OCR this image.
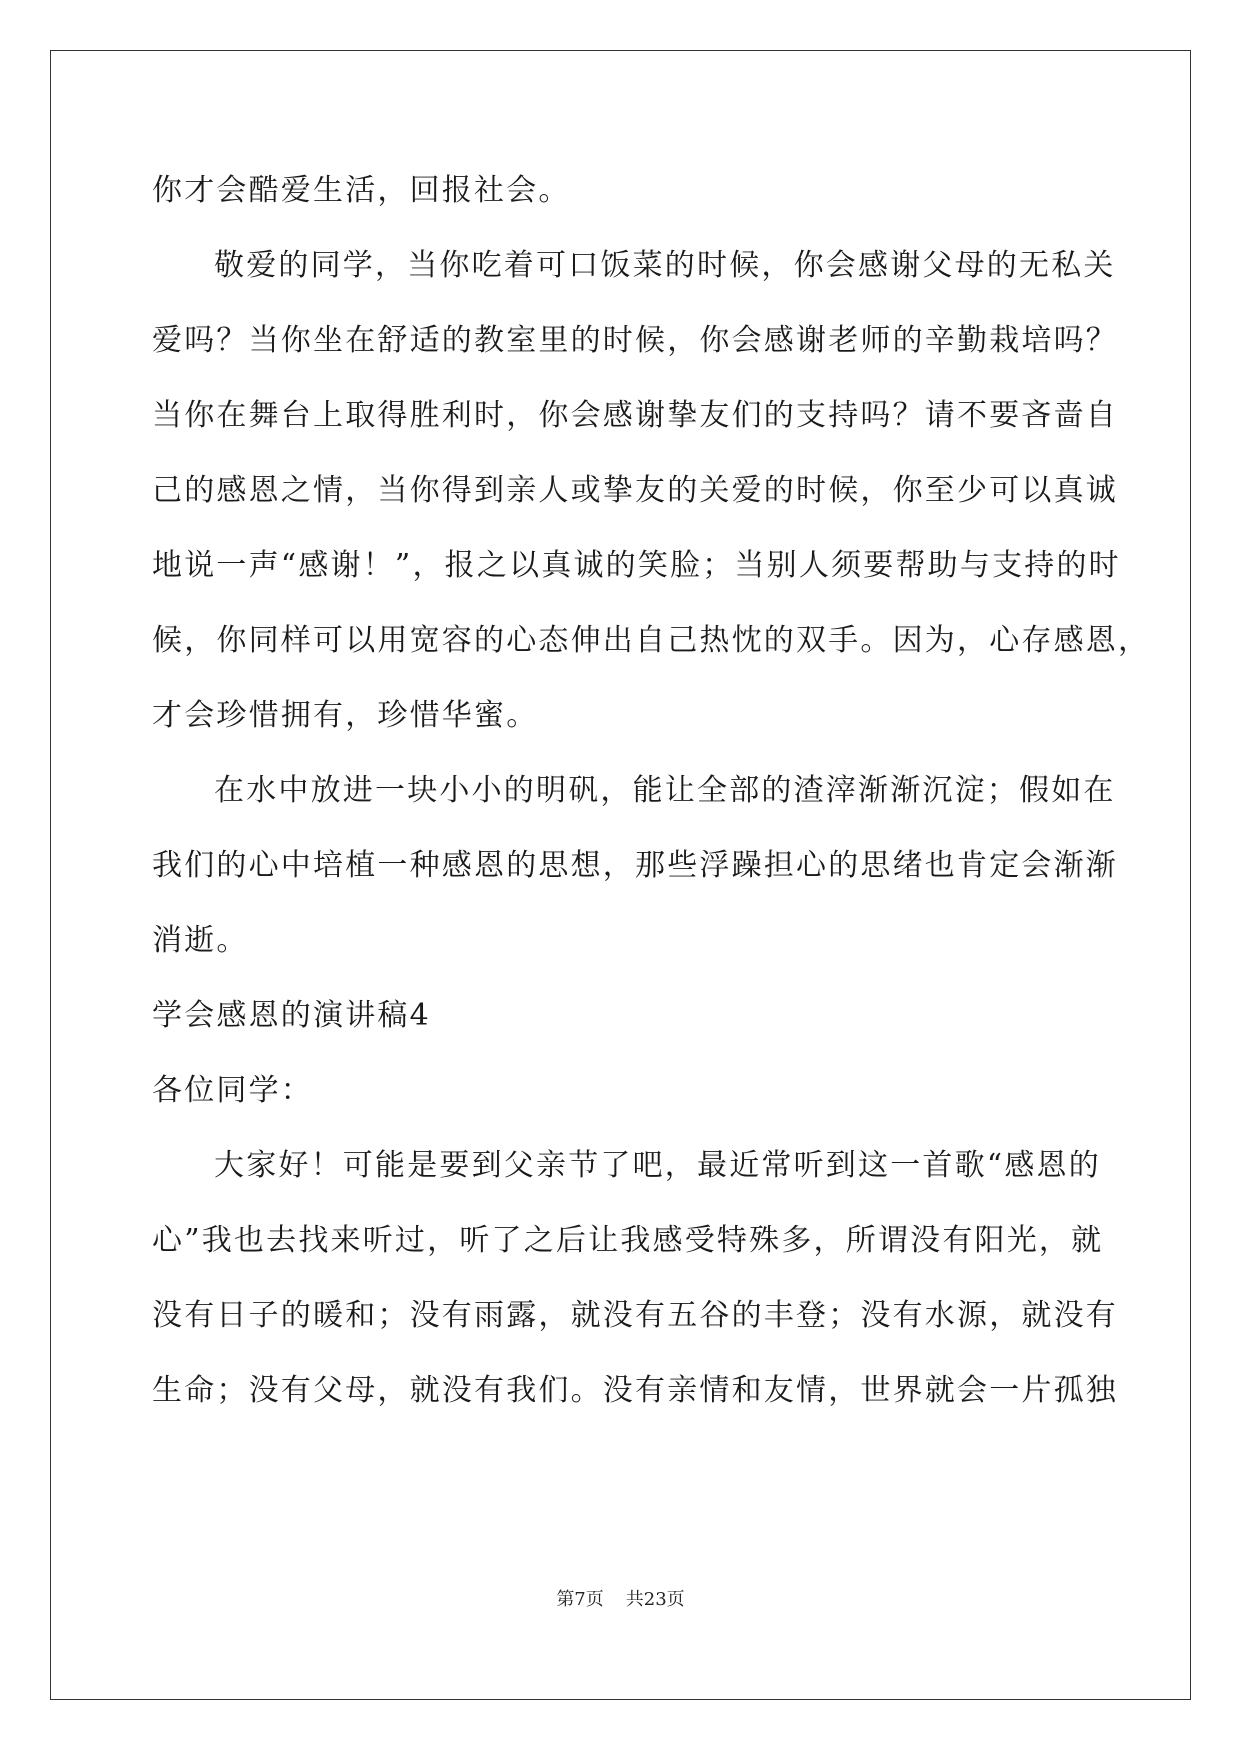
你才会酷爱生活，回报社会。

敬爱的同学，当你吃着可口饭菜的时候，你会感谢父母的无私关

爱吗？当你坐在舒适的教室里的时候，你会感谢老师的辛勤栽培吗？

当你在舞台上取得胜利时，你会感谢挚友们的支持吗？请不要吝啬自

己的感恩之情，当你得到亲人或挚友的关爱的时候，你至少可以真诚

地说一声“感谢！”，报之以真诚的笑脸；当别人须要帮助与支持的时

候，你同样可以用宽容的心态伸出自己热忱的双手。因为，心存感恩，

才会珍惜拥有，珍惜华蜜。

在水中放进一块小小的明矾，能让全部的渣滓渐渐沉淀；假如在

我们的心中培植一种感恩的思想，那些浮躁担心的思绪也肯定会渐渐

消逝。

学会感恩的演讲稿4

各位同学：

大家好！可能是要到父亲节了吧，最近常听到这一首歌“感恩的

心”我也去找来听过，听了之后让我感受特殊多，所谓没有阳光，就

没有日子的暖和；没有雨露，就没有五谷的丰登；没有水源，就没有

生命；没有父母，就没有我们。没有亲情和友情，世界就会一片孤独

第7页 共23页
